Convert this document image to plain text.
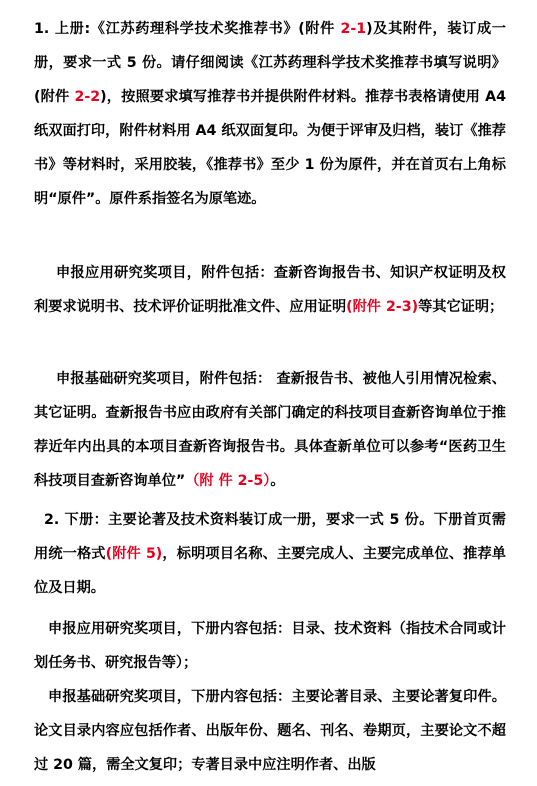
1. 上册:《江苏药理科学技术奖推荐书》(附件 2-1)及其附件，装订成一册，要求一式 5 份。请仔细阅读《江苏药理科学技术奖推荐书填写说明》(附件 2-2)，按照要求填写推荐书并提供附件材料。推荐书表格请使用 A4 纸双面打印，附件材料用 A4 纸双面复印。为便于评审及归档，装订《推荐书》等材料时，采用胶装，《推荐书》至少 1 份为原件，并在首页右上角标明“原件”。原件系指签名为原笔迹。

申报应用研究奖项目，附件包括：查新咨询报告书、知识产权证明及权利要求说明书、技术评价证明批准文件、应用证明(附件 2-3)等其它证明；

申报基础研究奖项目，附件包括： 查新报告书、被他人引用情况检索、其它证明。查新报告书应由政府有关部门确定的科技项目查新咨询单位于推荐近年内出具的本项目查新咨询报告书。具体查新单位可以参考“医药卫生科技项目查新咨询单位”（附 件 2-5）。

2. 下册：主要论著及技术资料装订成一册，要求一式 5 份。下册首页需用统一格式(附件 5)，标明项目名称、主要完成人、主要完成单位、推荐单位及日期。

申报应用研究奖项目，下册内容包括：目录、技术资料（指技术合同或计划任务书、研究报告等）；

申报基础研究奖项目，下册内容包括：主要论著目录、主要论著复印件。论文目录内容应包括作者、出版年份、题名、刊名、卷期页，主要论文不超过 20 篇，需全文复印；专著目录中应注明作者、出版
